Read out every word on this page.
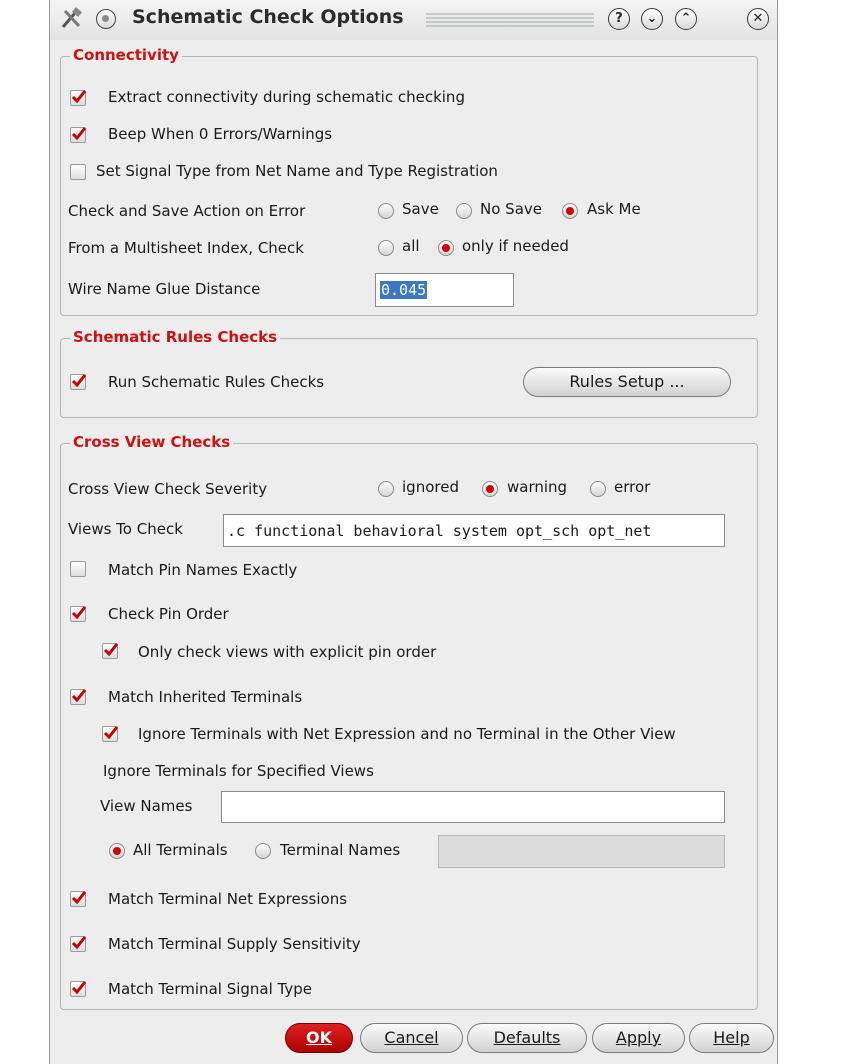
Schematic Check Options	?	⌄	⌃	✕
Connectivity
Extract connectivity during schematic checking
Beep When 0 Errors/Warnings
Set Signal Type from Net Name and Type Registration
Check and Save Action on Error	Save	No Save	Ask Me
From a Multisheet Index, Check	all	only if needed
Wire Name Glue Distance	0.045
Schematic Rules Checks
Run Schematic Rules Checks	Rules Setup ...
Cross View Checks
Cross View Check Severity	ignored	warning	error
Views To Check	.c functional behavioral system opt_sch opt_net
Match Pin Names Exactly
Check Pin Order
Only check views with explicit pin order
Match Inherited Terminals
Ignore Terminals with Net Expression and no Terminal in the Other View
Ignore Terminals for Specified Views
View Names
All Terminals	Terminal Names
Match Terminal Net Expressions
Match Terminal Supply Sensitivity
Match Terminal Signal Type
OK	Cancel	Defaults	Apply	Help
